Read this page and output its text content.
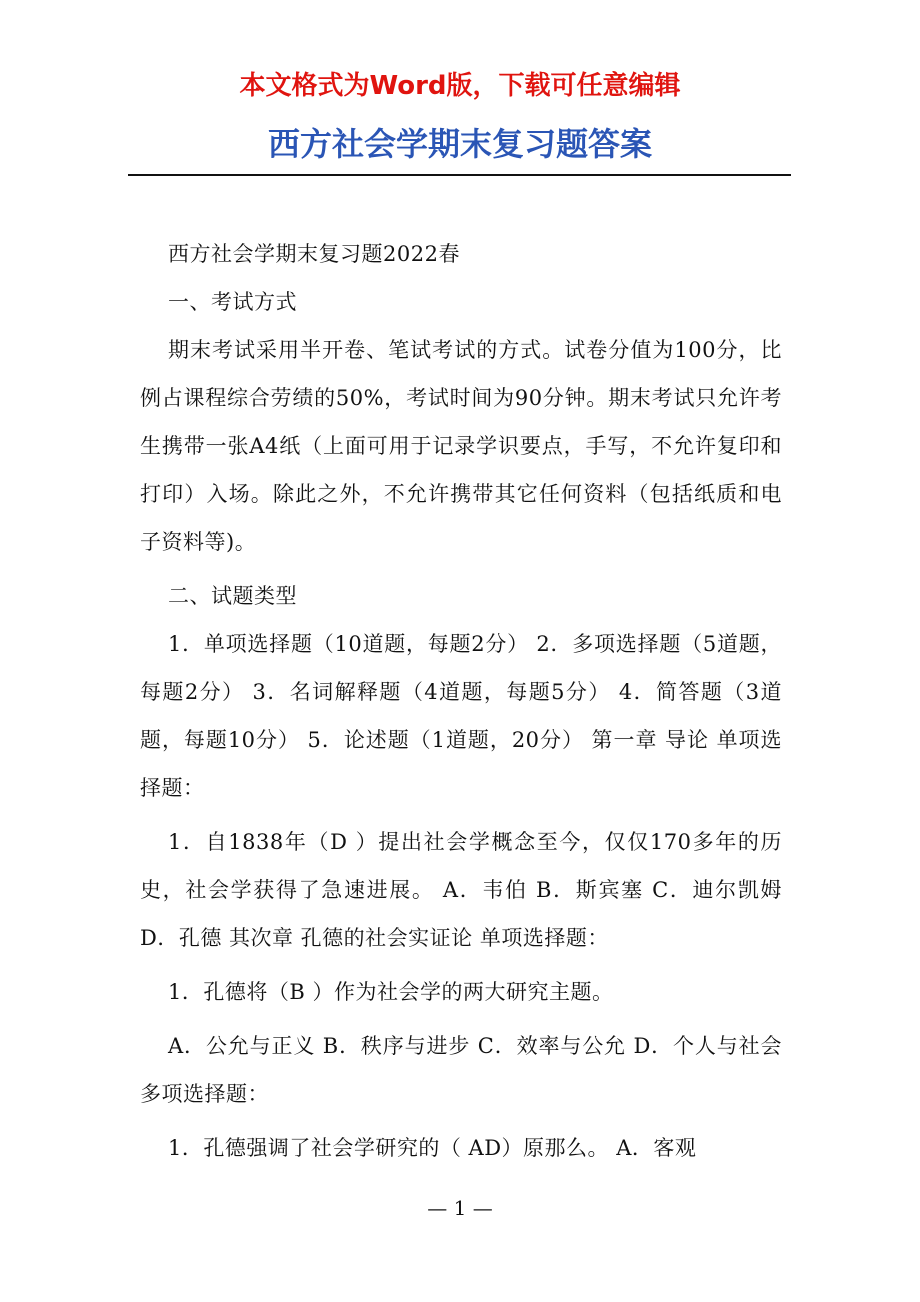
本文格式为Word版，下载可任意编辑
西方社会学期末复习题答案

西方社会学期末复习题2022春

一、考试方式

期末考试采用半开卷、笔试考试的方式。试卷分值为100分，比例占课程综合劳绩的50%，考试时间为90分钟。期末考试只允许考生携带一张A4纸（上面可用于记录学识要点，手写，不允许复印和打印）入场。除此之外，不允许携带其它任何资料（包括纸质和电子资料等)。

二、试题类型

1．单项选择题（10道题，每题2分） 2．多项选择题（5道题，每题2分） 3．名词解释题（4道题，每题5分） 4．简答题（3道题，每题10分） 5．论述题（1道题，20分） 第一章 导论 单项选择题：

1．自1838年（D ）提出社会学概念至今，仅仅170多年的历史，社会学获得了急速进展。 A．韦伯 B．斯宾塞 C．迪尔凯姆 D．孔德 其次章 孔德的社会实证论 单项选择题：

1．孔德将（B ）作为社会学的两大研究主题。

A．公允与正义 B．秩序与进步 C．效率与公允 D．个人与社会 多项选择题：

1．孔德强调了社会学研究的（ AD）原那么。 A．客观

— 1 —
